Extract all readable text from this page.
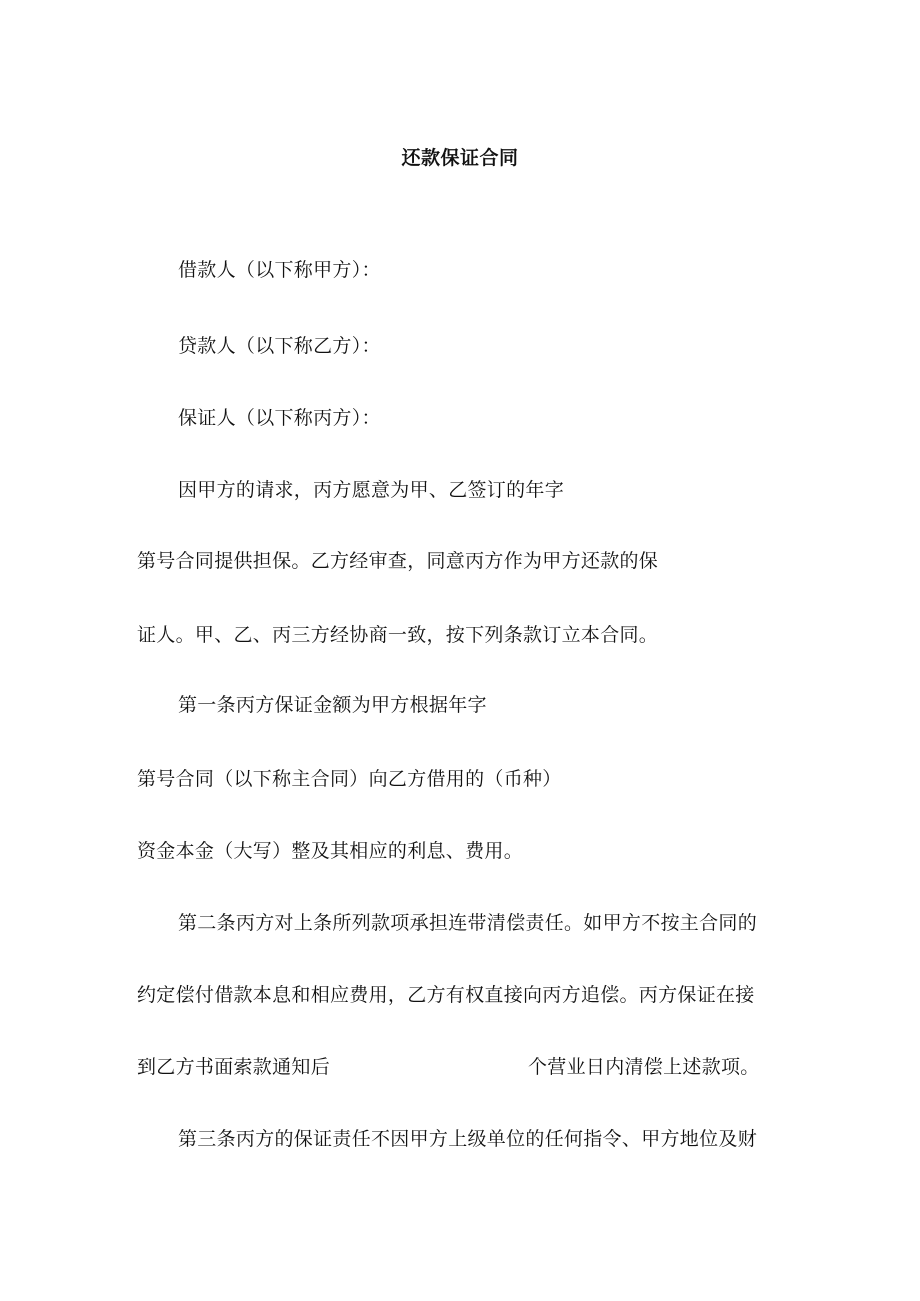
还款保证合同
借款人（以下称甲方）：
贷款人（以下称乙方）：
保证人（以下称丙方）：
因甲方的请求，丙方愿意为甲、乙签订的年字
第号合同提供担保。乙方经审查，同意丙方作为甲方还款的保
证人。甲、乙、丙三方经协商一致，按下列条款订立本合同。
第一条丙方保证金额为甲方根据年字
第号合同（以下称主合同）向乙方借用的（币种）
资金本金（大写）整及其相应的利息、费用。
第二条丙方对上条所列款项承担连带清偿责任。如甲方不按主合同的
约定偿付借款本息和相应费用，乙方有权直接向丙方追偿。丙方保证在接
到乙方书面索款通知后	个营业日内清偿上述款项。
第三条丙方的保证责任不因甲方上级单位的任何指令、甲方地位及财
